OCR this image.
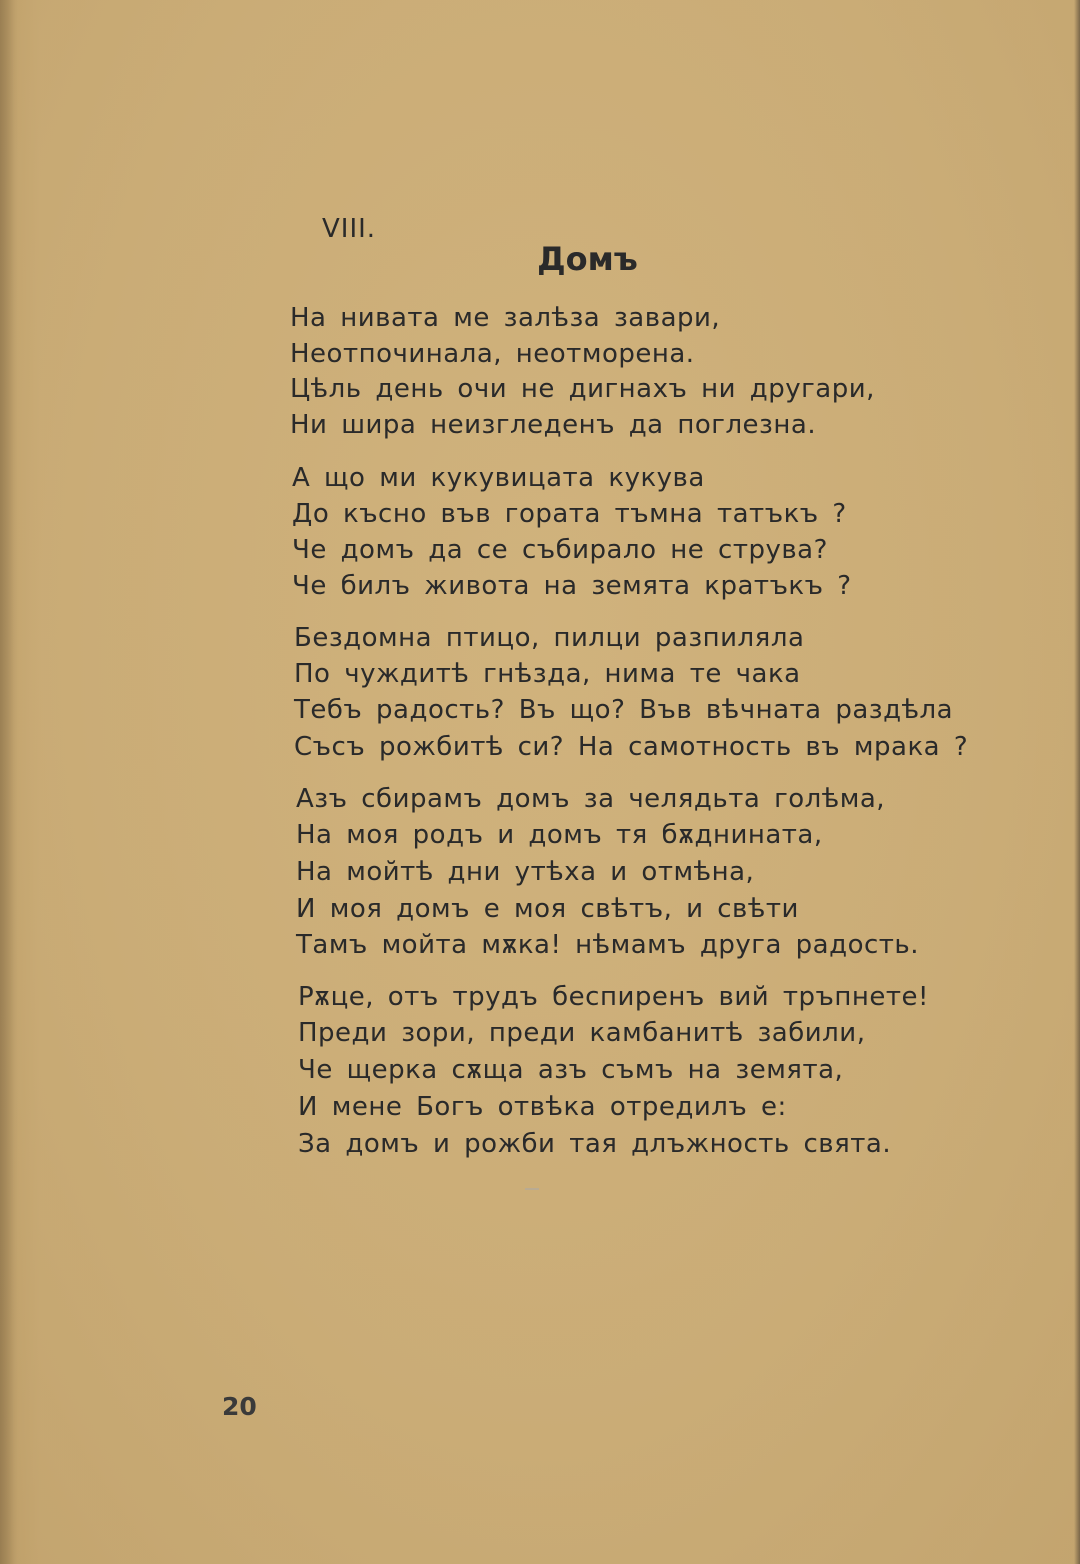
VIII.
Домъ
На нивата ме залѣза завари,
Неотпочинала, неотморена.
Цѣль день очи не дигнахъ ни другари,
Ни шира неизгледенъ да поглезна.
А що ми кукувицата кукува
До късно във гората тъмна татъкъ ?
Че домъ да се събирало не струва?
Че билъ живота на земята кратъкъ ?
Бездомна птицо, пилци разпиляла
По чуждитѣ гнѣзда, нима те чака
Тебъ радость? Въ що? Във вѣчната раздѣла
Съсъ рожбитѣ си? На самотность въ мрака ?
Азъ сбирамъ домъ за челядьта голѣма,
На моя родъ и домъ тя бѫднината,
На мойтѣ дни утѣха и отмѣна,
И моя домъ е моя свѣтъ, и свѣти
Тамъ мойта мѫка! нѣмамъ друга радость.
Рѫце, отъ трудъ беспиренъ вий тръпнете!
Преди зори, преди камбанитѣ забили,
Че щерка сѫща азъ съмъ на земята,
И мене Богъ отвѣка отредилъ е:
За домъ и рожби тая длъжность свята.
20
